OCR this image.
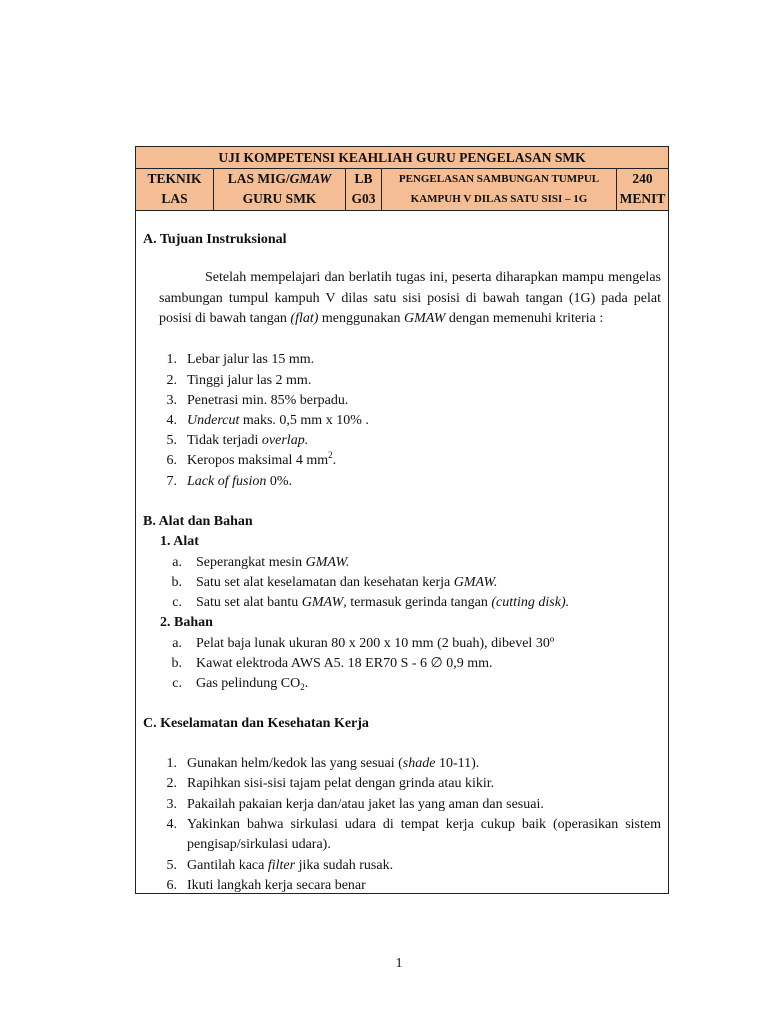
UJI KOMPETENSI KEAHLIAH GURU PENGELASAN SMK
TEKNIK
LAS
LAS MIG/GMAW
GURU SMK
LB
G03
PENGELASAN SAMBUNGAN TUMPUL
KAMPUH V DILAS SATU SISI – 1G
240
MENIT
A. Tujuan Instruksional
Setelah mempelajari dan berlatih tugas ini, peserta diharapkan mampu mengelas sambungan tumpul kampuh V dilas satu sisi posisi di bawah tangan (1G) pada pelat posisi di bawah tangan (flat) menggunakan GMAW dengan memenuhi kriteria :
1. Lebar jalur las 15 mm.
2. Tinggi jalur las 2 mm.
3. Penetrasi min. 85% berpadu.
4. Undercut maks. 0,5 mm x 10% .
5. Tidak terjadi overlap.
6. Keropos maksimal 4 $mm^2$.
7. Lack of fusion 0%.
B. Alat dan Bahan
1. Alat
a. Seperangkat mesin GMAW.
b. Satu set alat keselamatan dan kesehatan kerja GMAW.
c. Satu set alat bantu GMAW, termasuk gerinda tangan (cutting disk).
2. Bahan
a. Pelat baja lunak ukuran 80 x 200 x 10 mm (2 buah), dibevel 30º
b. Kawat elektroda AWS A5. 18 ER70 S - 6 ∅ 0,9 mm.
c. Gas pelindung $CO_2$.
C. Keselamatan dan Kesehatan Kerja
1. Gunakan helm/kedok las yang sesuai (shade 10-11).
2. Rapihkan sisi-sisi tajam pelat dengan grinda atau kikir.
3. Pakailah pakaian kerja dan/atau jaket las yang aman dan sesuai.
4. Yakinkan bahwa sirkulasi udara di tempat kerja cukup baik (operasikan sistem
pengisap/sirkulasi udara).
5. Gantilah kaca filter jika sudah rusak.
6. Ikuti langkah kerja secara benar
1
